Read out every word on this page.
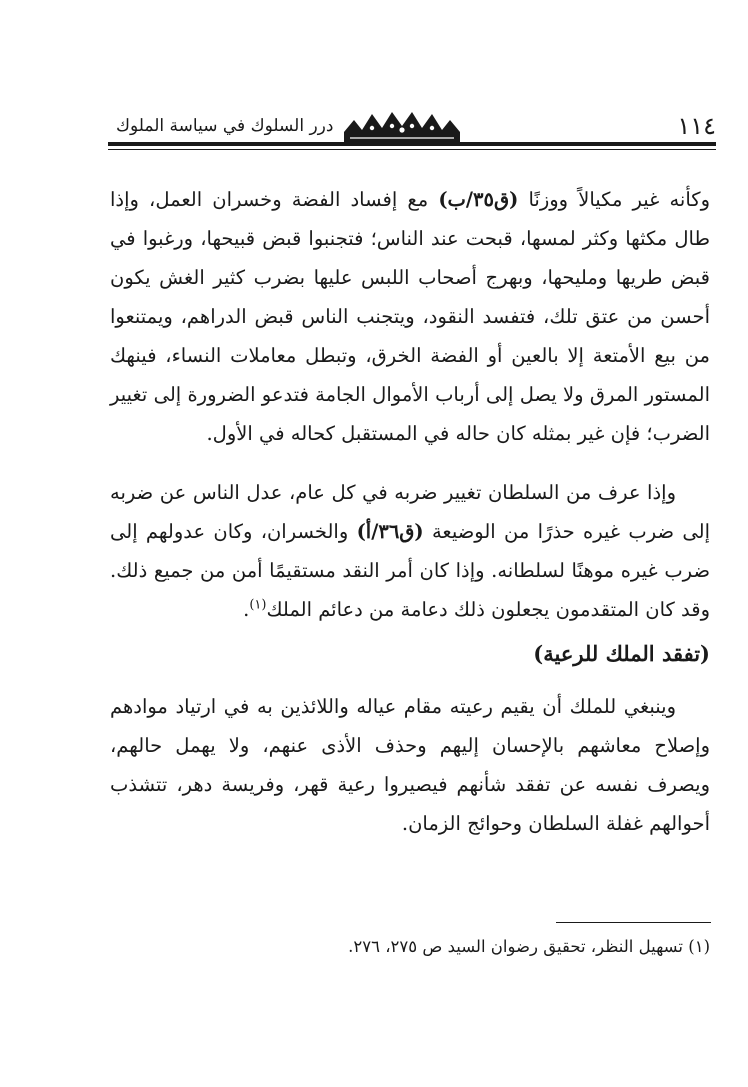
درر السلوك في سياسة الملوك	١١٤

وكأنه غير مكيالاً ووزنًا (ق٣٥/ب) مع إفساد الفضة وخسران العمل، وإذا طال مكثها وكثر لمسها، قبحت عند الناس؛ فتجنبوا قبض قبيحها، ورغبوا في قبض طريها ومليحها، وبهرج أصحاب اللبس عليها بضرب كثير الغش يكون أحسن من عتق تلك، فتفسد النقود، ويتجنب الناس قبض الدراهم، ويمتنعوا من بيع الأمتعة إلا بالعين أو الفضة الخرق، وتبطل معاملات النساء، فينهك المستور المرق ولا يصل إلى أرباب الأموال الجامة فتدعو الضرورة إلى تغيير الضرب؛ فإن غير بمثله كان حاله في المستقبل كحاله في الأول.

وإذا عرف من السلطان تغيير ضربه في كل عام، عدل الناس عن ضربه إلى ضرب غيره حذرًا من الوضيعة (ق٣٦/أ) والخسران، وكان عدولهم إلى ضرب غيره موهنًا لسلطانه. وإذا كان أمر النقد مستقيمًا أمن من جميع ذلك. وقد كان المتقدمون يجعلون ذلك دعامة من دعائم الملك$^{(١)}$.

(تفقد الملك للرعية)

وينبغي للملك أن يقيم رعيته مقام عياله واللائذين به في ارتياد موادهم وإصلاح معاشهم بالإحسان إليهم وحذف الأذى عنهم، ولا يهمل حالهم، ويصرف نفسه عن تفقد شأنهم فيصيروا رعية قهر، وفريسة دهر، تتشذب أحوالهم غفلة السلطان وحوائج الزمان.

(١) تسهيل النظر، تحقيق رضوان السيد ص ٢٧٥، ٢٧٦.
